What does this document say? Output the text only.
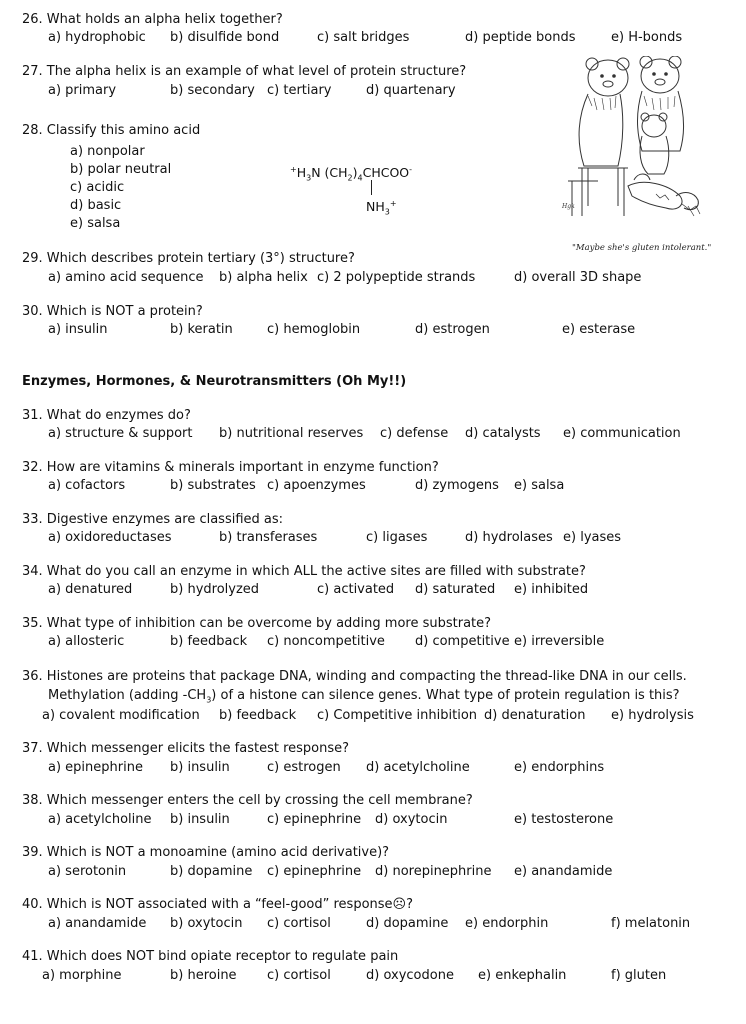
26. What holds an alpha helix together?
a) hydrophobic b) disulfide bond	c) salt bridges	d) peptide bonds	e) H-bonds
27. The alpha helix is an example of what level of protein structure?
a) primary	b) secondary c) tertiary	d) quartenary
28. Classify this amino acid
a) nonpolar
b) polar neutral
c) acidic
d) basic
e) salsa
$^+H_3N$ $(CH_2)_4CHCOO^-$
$NH_3^+$	Hgk
"Maybe she's gluten intolerant."
29. Which describes protein tertiary (3°) structure?
a) amino acid sequence b) alpha helix c) 2 polypeptide strands	d) overall 3D shape
30. Which is NOT a protein?
a) insulin	b) keratin	c) hemoglobin	d) estrogen	e) esterase
Enzymes, Hormones, & Neurotransmitters (Oh My!!)
31. What do enzymes do?
a) structure & support b) nutritional reserves c) defense d) catalysts e) communication
32. How are vitamins & minerals important in enzyme function?
a) cofactors	b) substrates c) apoenzymes	d) zymogens e) salsa
33. Digestive enzymes are classified as:
a) oxidoreductases	b) transferases	c) ligases	d) hydrolases e) lyases
34. What do you call an enzyme in which ALL the active sites are filled with substrate?
a) denatured	b) hydrolyzed	c) activated d) saturated e) inhibited
35. What type of inhibition can be overcome by adding more substrate?
a) allosteric	b) feedback c) noncompetitive d) competitive e) irreversible
36. Histones are proteins that package DNA, winding and compacting the thread-like DNA in our cells.
Methylation (adding $-CH_3$) of a histone can silence genes. What type of protein regulation is this?
a) covalent modification b) feedback c) Competitive inhibition d) denaturation e) hydrolysis
37. Which messenger elicits the fastest response?
a) epinephrine b) insulin	c) estrogen d) acetylcholine	e) endorphins
38. Which messenger enters the cell by crossing the cell membrane?
a) acetylcholine b) insulin	c) epinephrine d) oxytocin	e) testosterone
39. Which is NOT a monoamine (amino acid derivative)?
a) serotonin	b) dopamine c) epinephrine d) norepinephrine e) anandamide
40. Which is NOT associated with a “feel-good” response☹?
a) anandamide b) oxytocin c) cortisol	d) dopamine e) endorphin	f) melatonin
41. Which does NOT bind opiate receptor to regulate pain
a) morphine	b) heroine c) cortisol	d) oxycodone e) enkephalin	f) gluten
